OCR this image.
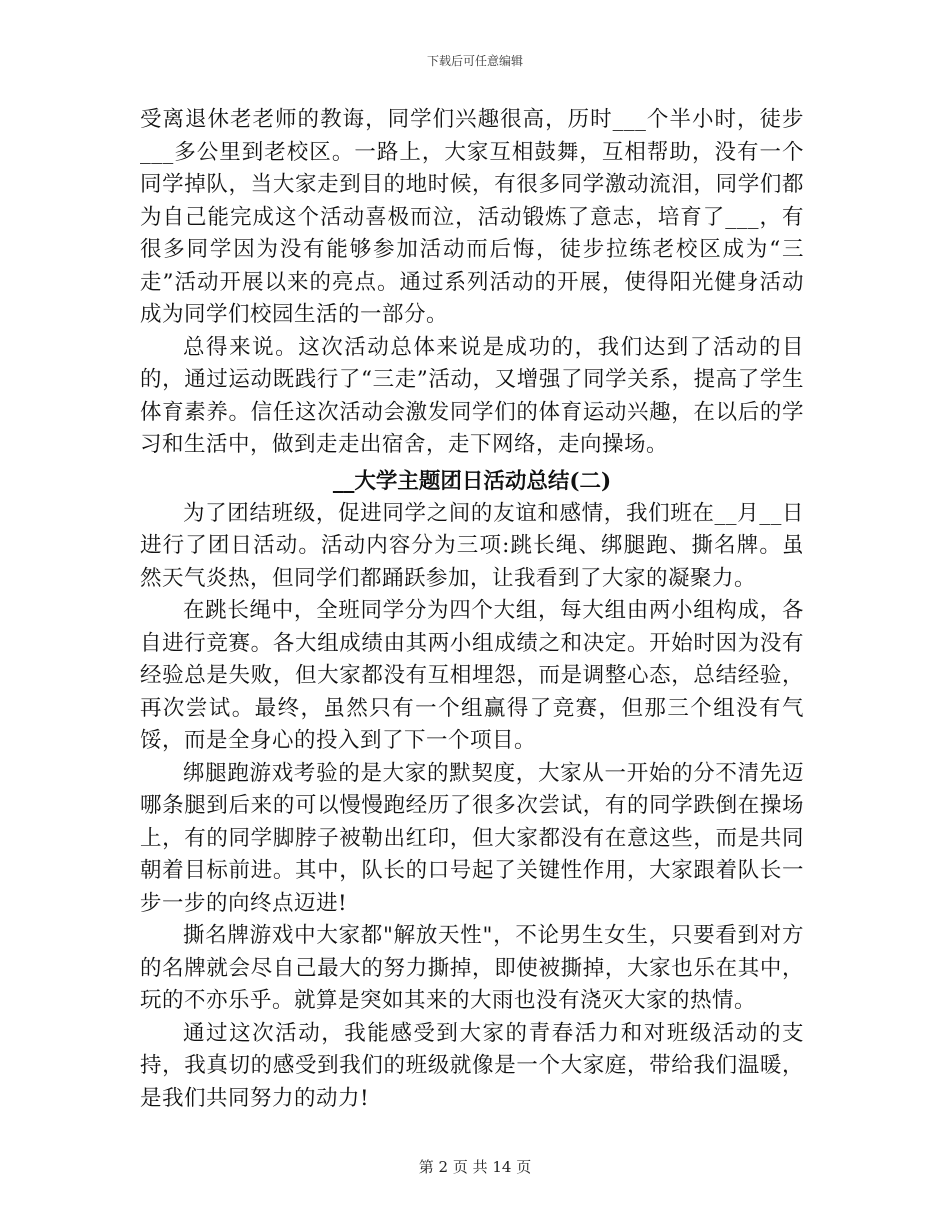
下载后可任意编辑

受离退休老老师的教诲，同学们兴趣很高，历时___个半小时，徒步___多公里到老校区。一路上，大家互相鼓舞，互相帮助，没有一个同学掉队，当大家走到目的地时候，有很多同学激动流泪，同学们都为自己能完成这个活动喜极而泣，活动锻炼了意志，培育了___，有很多同学因为没有能够参加活动而后悔，徒步拉练老校区成为“三走”活动开展以来的亮点。通过系列活动的开展，使得阳光健身活动成为同学们校园生活的一部分。

总得来说。这次活动总体来说是成功的，我们达到了活动的目的，通过运动既践行了“三走”活动，又增强了同学关系，提高了学生体育素养。信任这次活动会激发同学们的体育运动兴趣，在以后的学习和生活中，做到走走出宿舍，走下网络，走向操场。

__大学主题团日活动总结(二)

为了团结班级，促进同学之间的友谊和感情，我们班在__月__日进行了团日活动。活动内容分为三项:跳长绳、绑腿跑、撕名牌。虽然天气炎热，但同学们都踊跃参加，让我看到了大家的凝聚力。

在跳长绳中，全班同学分为四个大组，每大组由两小组构成，各自进行竞赛。各大组成绩由其两小组成绩之和决定。开始时因为没有经验总是失败，但大家都没有互相埋怨，而是调整心态，总结经验，再次尝试。最终，虽然只有一个组赢得了竞赛，但那三个组没有气馁，而是全身心的投入到了下一个项目。

绑腿跑游戏考验的是大家的默契度，大家从一开始的分不清先迈哪条腿到后来的可以慢慢跑经历了很多次尝试，有的同学跌倒在操场上，有的同学脚脖子被勒出红印，但大家都没有在意这些，而是共同朝着目标前进。其中，队长的口号起了关键性作用，大家跟着队长一步一步的向终点迈进!

撕名牌游戏中大家都"解放天性"，不论男生女生，只要看到对方的名牌就会尽自己最大的努力撕掉，即使被撕掉，大家也乐在其中，玩的不亦乐乎。就算是突如其来的大雨也没有浇灭大家的热情。

通过这次活动，我能感受到大家的青春活力和对班级活动的支持，我真切的感受到我们的班级就像是一个大家庭，带给我们温暖，是我们共同努力的动力!

第 2 页 共 14 页
